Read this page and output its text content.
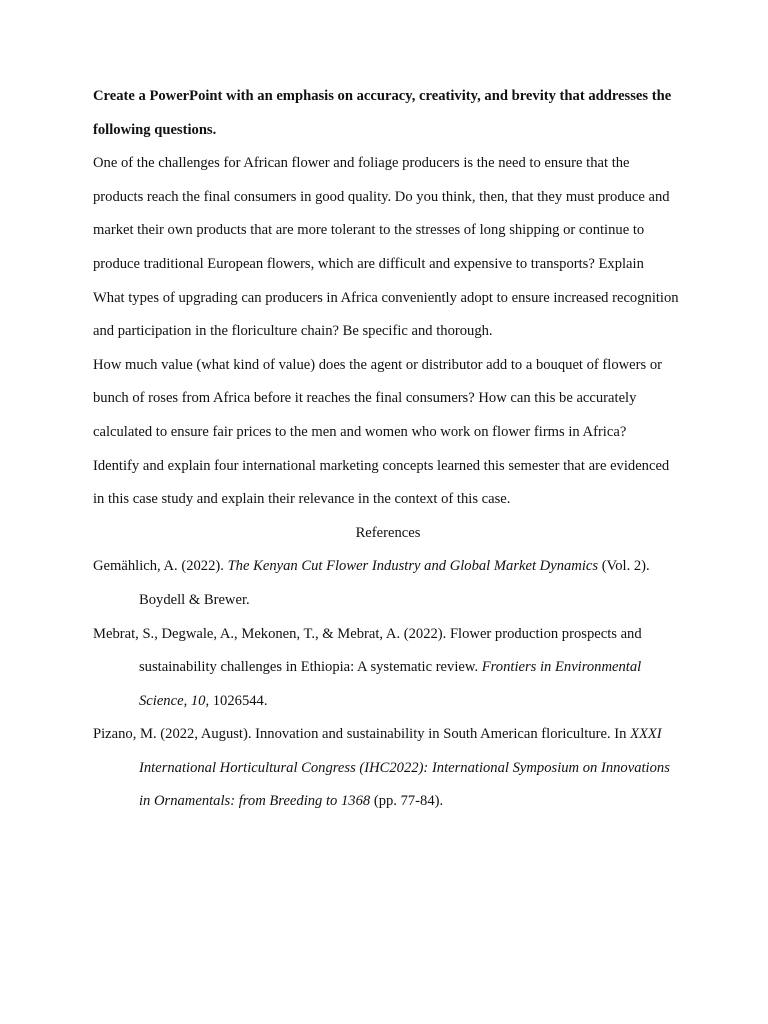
Create a PowerPoint with an emphasis on accuracy, creativity, and brevity that addresses the following questions.

One of the challenges for African flower and foliage producers is the need to ensure that the products reach the final consumers in good quality. Do you think, then, that they must produce and market their own products that are more tolerant to the stresses of long shipping or continue to produce traditional European flowers, which are difficult and expensive to transports? Explain

What types of upgrading can producers in Africa conveniently adopt to ensure increased recognition and participation in the floriculture chain? Be specific and thorough.

How much value (what kind of value) does the agent or distributor add to a bouquet of flowers or bunch of roses from Africa before it reaches the final consumers? How can this be accurately calculated to ensure fair prices to the men and women who work on flower firms in Africa?

Identify and explain four international marketing concepts learned this semester that are evidenced in this case study and explain their relevance in the context of this case.

References

Gemählich, A. (2022). The Kenyan Cut Flower Industry and Global Market Dynamics (Vol. 2). Boydell & Brewer.

Mebrat, S., Degwale, A., Mekonen, T., & Mebrat, A. (2022). Flower production prospects and sustainability challenges in Ethiopia: A systematic review. Frontiers in Environmental Science, 10, 1026544.

Pizano, M. (2022, August). Innovation and sustainability in South American floriculture. In XXXI International Horticultural Congress (IHC2022): International Symposium on Innovations in Ornamentals: from Breeding to 1368 (pp. 77-84).
